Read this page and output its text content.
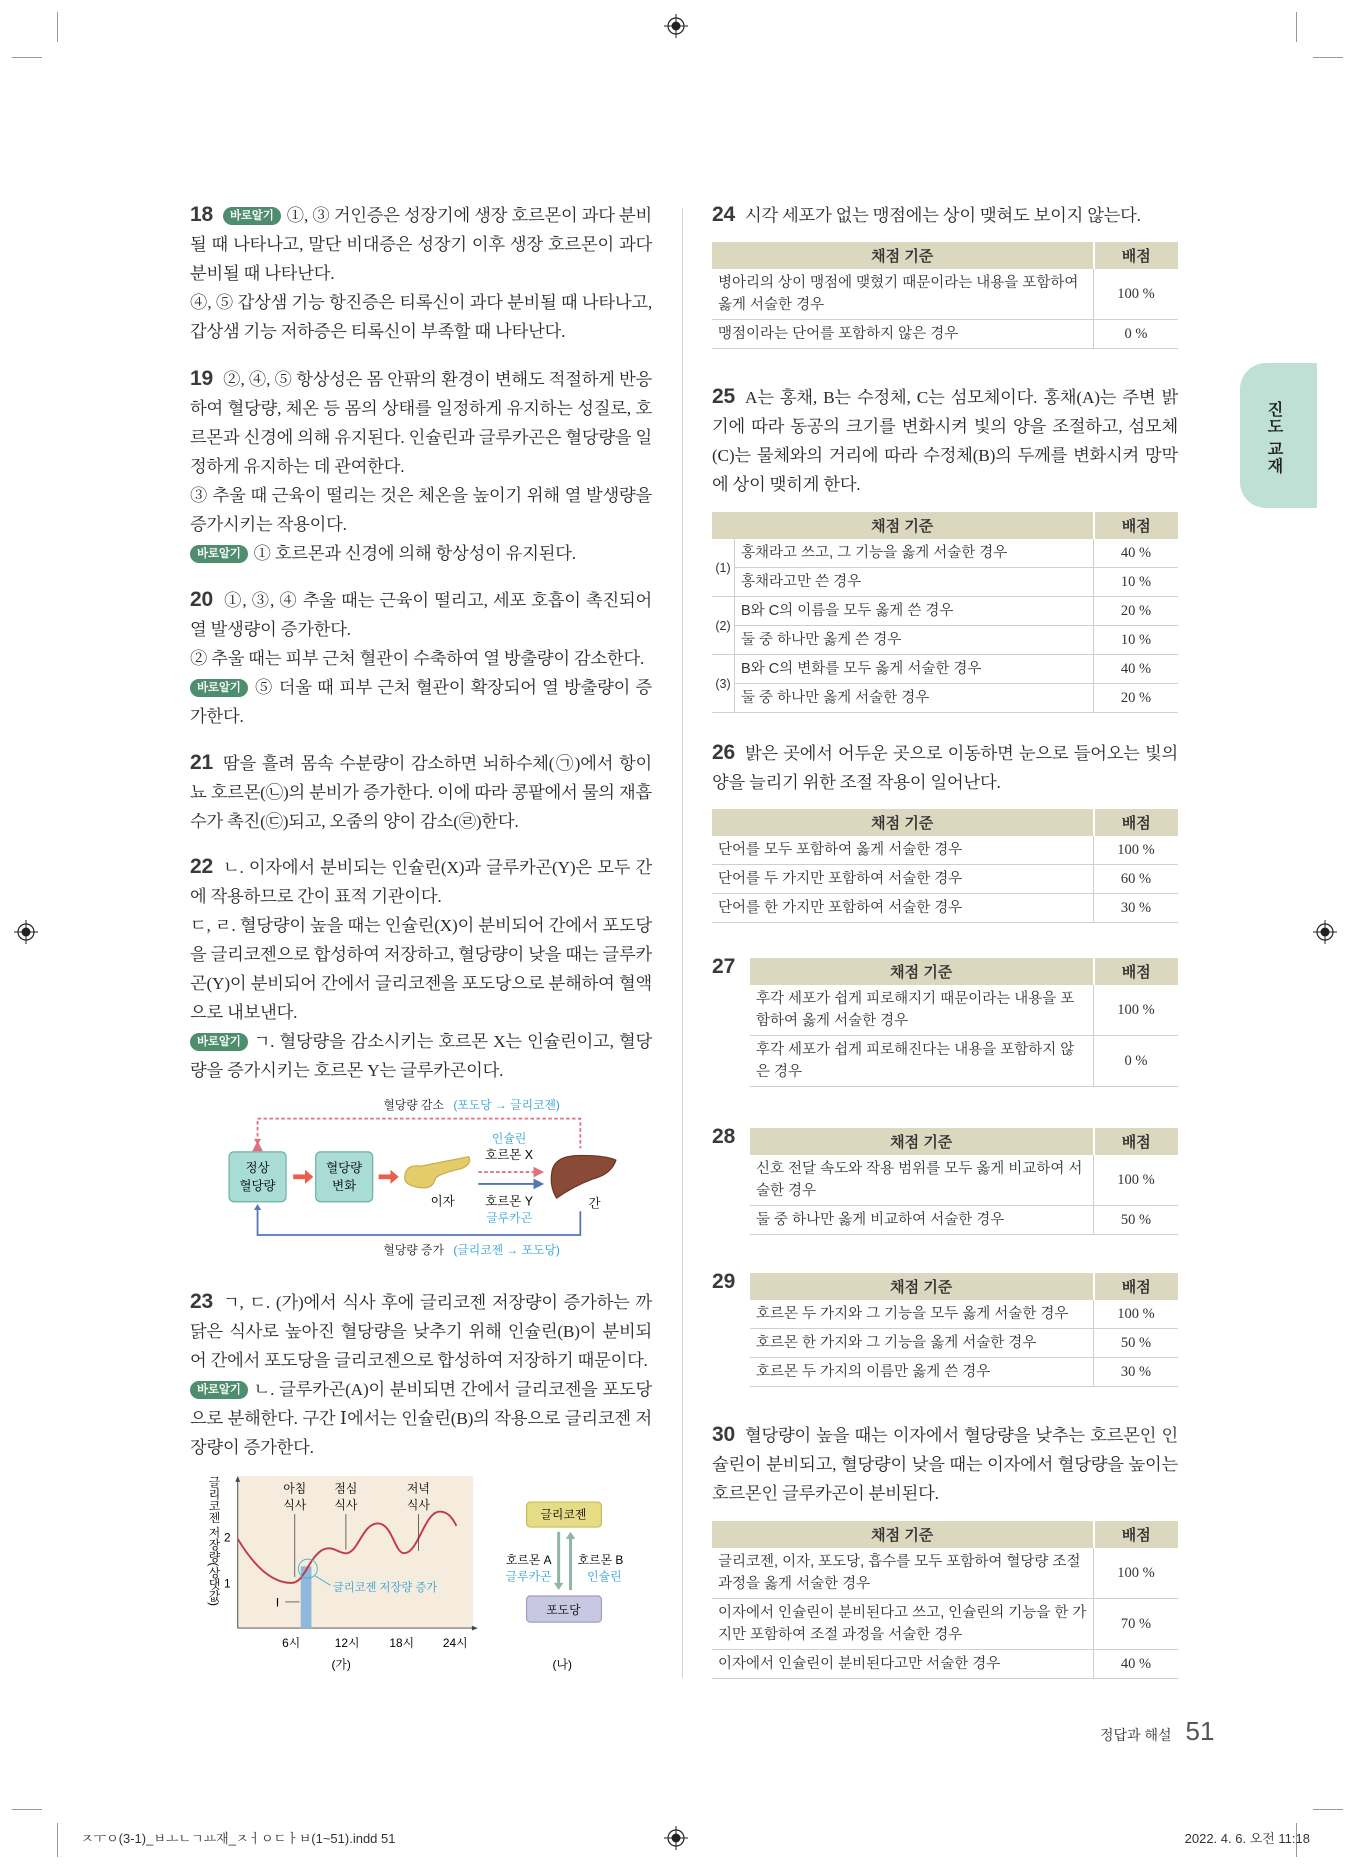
진도 교재

18 바로알기 ①, ③ 거인증은 성장기에 생장 호르몬이 과다 분비될 때 나타나고, 말단 비대증은 성장기 이후 생장 호르몬이 과다 분비될 때 나타난다.

④, ⑤ 갑상샘 기능 항진증은 티록신이 과다 분비될 때 나타나고, 갑상샘 기능 저하증은 티록신이 부족할 때 나타난다.

19 ②, ④, ⑤ 항상성은 몸 안팎의 환경이 변해도 적절하게 반응하여 혈당량, 체온 등 몸의 상태를 일정하게 유지하는 성질로, 호르몬과 신경에 의해 유지된다. 인슐린과 글루카곤은 혈당량을 일정하게 유지하는 데 관여한다.

③ 추울 때 근육이 떨리는 것은 체온을 높이기 위해 열 발생량을 증가시키는 작용이다.

바로알기 ① 호르몬과 신경에 의해 항상성이 유지된다.

20 ①, ③, ④ 추울 때는 근육이 떨리고, 세포 호흡이 촉진되어 열 발생량이 증가한다.

② 추울 때는 피부 근처 혈관이 수축하여 열 방출량이 감소한다.

바로알기 ⑤ 더울 때 피부 근처 혈관이 확장되어 열 방출량이 증가한다.

21 땀을 흘려 몸속 수분량이 감소하면 뇌하수체(㉠)에서 항이뇨 호르몬(㉡)의 분비가 증가한다. 이에 따라 콩팥에서 물의 재흡수가 촉진(㉢)되고, 오줌의 양이 감소(㉣)한다.

22 ㄴ. 이자에서 분비되는 인슐린(X)과 글루카곤(Y)은 모두 간에 작용하므로 간이 표적 기관이다.

ㄷ, ㄹ. 혈당량이 높을 때는 인슐린(X)이 분비되어 간에서 포도당을 글리코젠으로 합성하여 저장하고, 혈당량이 낮을 때는 글루카곤(Y)이 분비되어 간에서 글리코젠을 포도당으로 분해하여 혈액으로 내보낸다.

바로알기 ㄱ. 혈당량을 감소시키는 호르몬 X는 인슐린이고, 혈당량을 증가시키는 호르몬 Y는 글루카곤이다.

혈당량 감소 (포도당 → 글리코젠)
정상
혈당량
혈당량
변화
이자
인슐린
호르몬 X
호르몬 Y
글루카곤
간
혈당량 증가 (글리코젠 → 포도당)

23 ㄱ, ㄷ. (가)에서 식사 후에 글리코젠 저장량이 증가하는 까닭은 식사로 높아진 혈당량을 낮추기 위해 인슐린(B)이 분비되어 간에서 포도당을 글리코젠으로 합성하여 저장하기 때문이다.

바로알기 ㄴ. 글루카곤(A)이 분비되면 간에서 글리코젠을 포도당으로 분해한다. 구간 Ⅰ에서는 인슐린(B)의 작용으로 글리코젠 저장량이 증가한다.

글리코젠 저장량(상댓값) 1
2
6시	12시	18시	24시
글리코젠 저장량 증가
Ⅰ
아침
식사
점심
식사
저녁
식사
(가)
글리코젠
포도당
호르몬 A
글루카곤
호르몬 B
인슐린
(나)

24 시각 세포가 없는 맹점에는 상이 맺혀도 보이지 않는다.

채점 기준	배점
병아리의 상이 맹점에 맺혔기 때문이라는 내용을 포함하여 옳게 서술한 경우	100 %
맹점이라는 단어를 포함하지 않은 경우	0 %

25 A는 홍채, B는 수정체, C는 섬모체이다. 홍채(A)는 주변 밝기에 따라 동공의 크기를 변화시켜 빛의 양을 조절하고, 섬모체(C)는 물체와의 거리에 따라 수정체(B)의 두께를 변화시켜 망막에 상이 맺히게 한다.

채점 기준		배점
(1)	홍채라고 쓰고, 그 기능을 옳게 서술한 경우	40 %
	홍채라고만 쓴 경우	10 %
(2)	B와 C의 이름을 모두 옳게 쓴 경우	20 %
	둘 중 하나만 옳게 쓴 경우	10 %
(3)	B와 C의 변화를 모두 옳게 서술한 경우	40 %
	둘 중 하나만 옳게 서술한 경우	20 %

26 밝은 곳에서 어두운 곳으로 이동하면 눈으로 들어오는 빛의 양을 늘리기 위한 조절 작용이 일어난다.

채점 기준	배점
단어를 모두 포함하여 옳게 서술한 경우	100 %
단어를 두 가지만 포함하여 서술한 경우	60 %
단어를 한 가지만 포함하여 서술한 경우	30 %
27	채점 기준	배점
후각 세포가 쉽게 피로해지기 때문이라는 내용을 포함하여 옳게 서술한 경우	100 %
후각 세포가 쉽게 피로해진다는 내용을 포함하지 않은 경우	0 %
28	채점 기준	배점
신호 전달 속도와 작용 범위를 모두 옳게 비교하여 서술한 경우	100 %
둘 중 하나만 옳게 비교하여 서술한 경우	50 %
29	채점 기준	배점
호르몬 두 가지와 그 기능을 모두 옳게 서술한 경우	100 %
호르몬 한 가지와 그 기능을 옳게 서술한 경우	50 %
호르몬 두 가지의 이름만 옳게 쓴 경우	30 %

30 혈당량이 높을 때는 이자에서 혈당량을 낮추는 호르몬인 인슐린이 분비되고, 혈당량이 낮을 때는 이자에서 혈당량을 높이는 호르몬인 글루카곤이 분비된다.

채점 기준	배점
글리코젠, 이자, 포도당, 흡수를 모두 포함하여 혈당량 조절 과정을 옳게 서술한 경우	100 %
이자에서 인슐린이 분비된다고 쓰고, 인슐린의 기능을 한 가지만 포함하여 조절 과정을 서술한 경우	70 %
이자에서 인슐린이 분비된다고만 서술한 경우	40 %
정답과 해설 51
ㅈㅜㅇ(3-1)_ㅂㅗㄴㄱㅛ재_ㅈㅓㅇㄷㅏㅂ(1~51).indd 51	2022. 4. 6. 오전 11:18
